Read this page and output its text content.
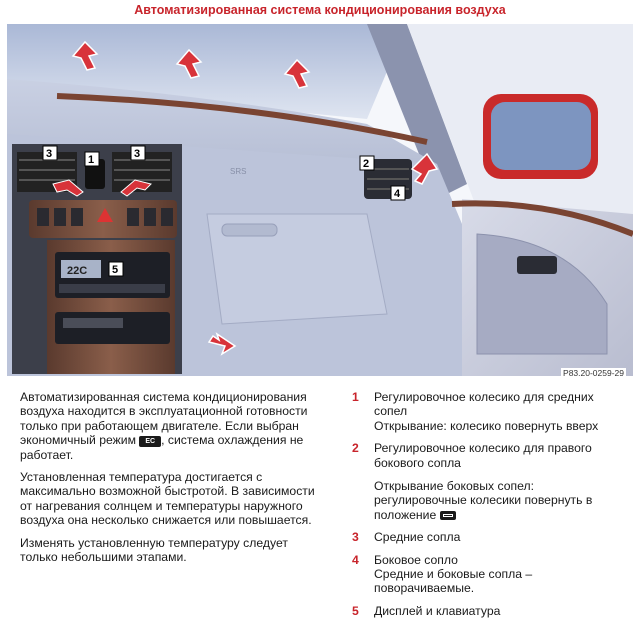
Автоматизированная система кондиционирования воздуха
SRS
22C
3	1	3
2
4
5
P83.20-0259-29

Автоматизированная система кондиционирования воздуха находится в эксплуатационной готовности только при работающем двигателе. Если выбран экономичный режим EC , система охлаждения не работает.

Установленная температура достигается с максимально возможной быстротой. В зависимости от нагревания солнцем и температуры наружного воздуха она несколько снижается или повышается.

Изменять установленную температуру следует только небольшими этапами.

1 Регулировочное колесико для средних сопел
Открывание: колесико повернуть вверх
2 Регулировочное колесико для правого бокового сопла
Открывание боковых сопел: регулировочные колесики повернуть в положение
3 Средние сопла
4 Боковое сопло
Средние и боковые сопла – поворачиваемые.
5 Дисплей и клавиатура
